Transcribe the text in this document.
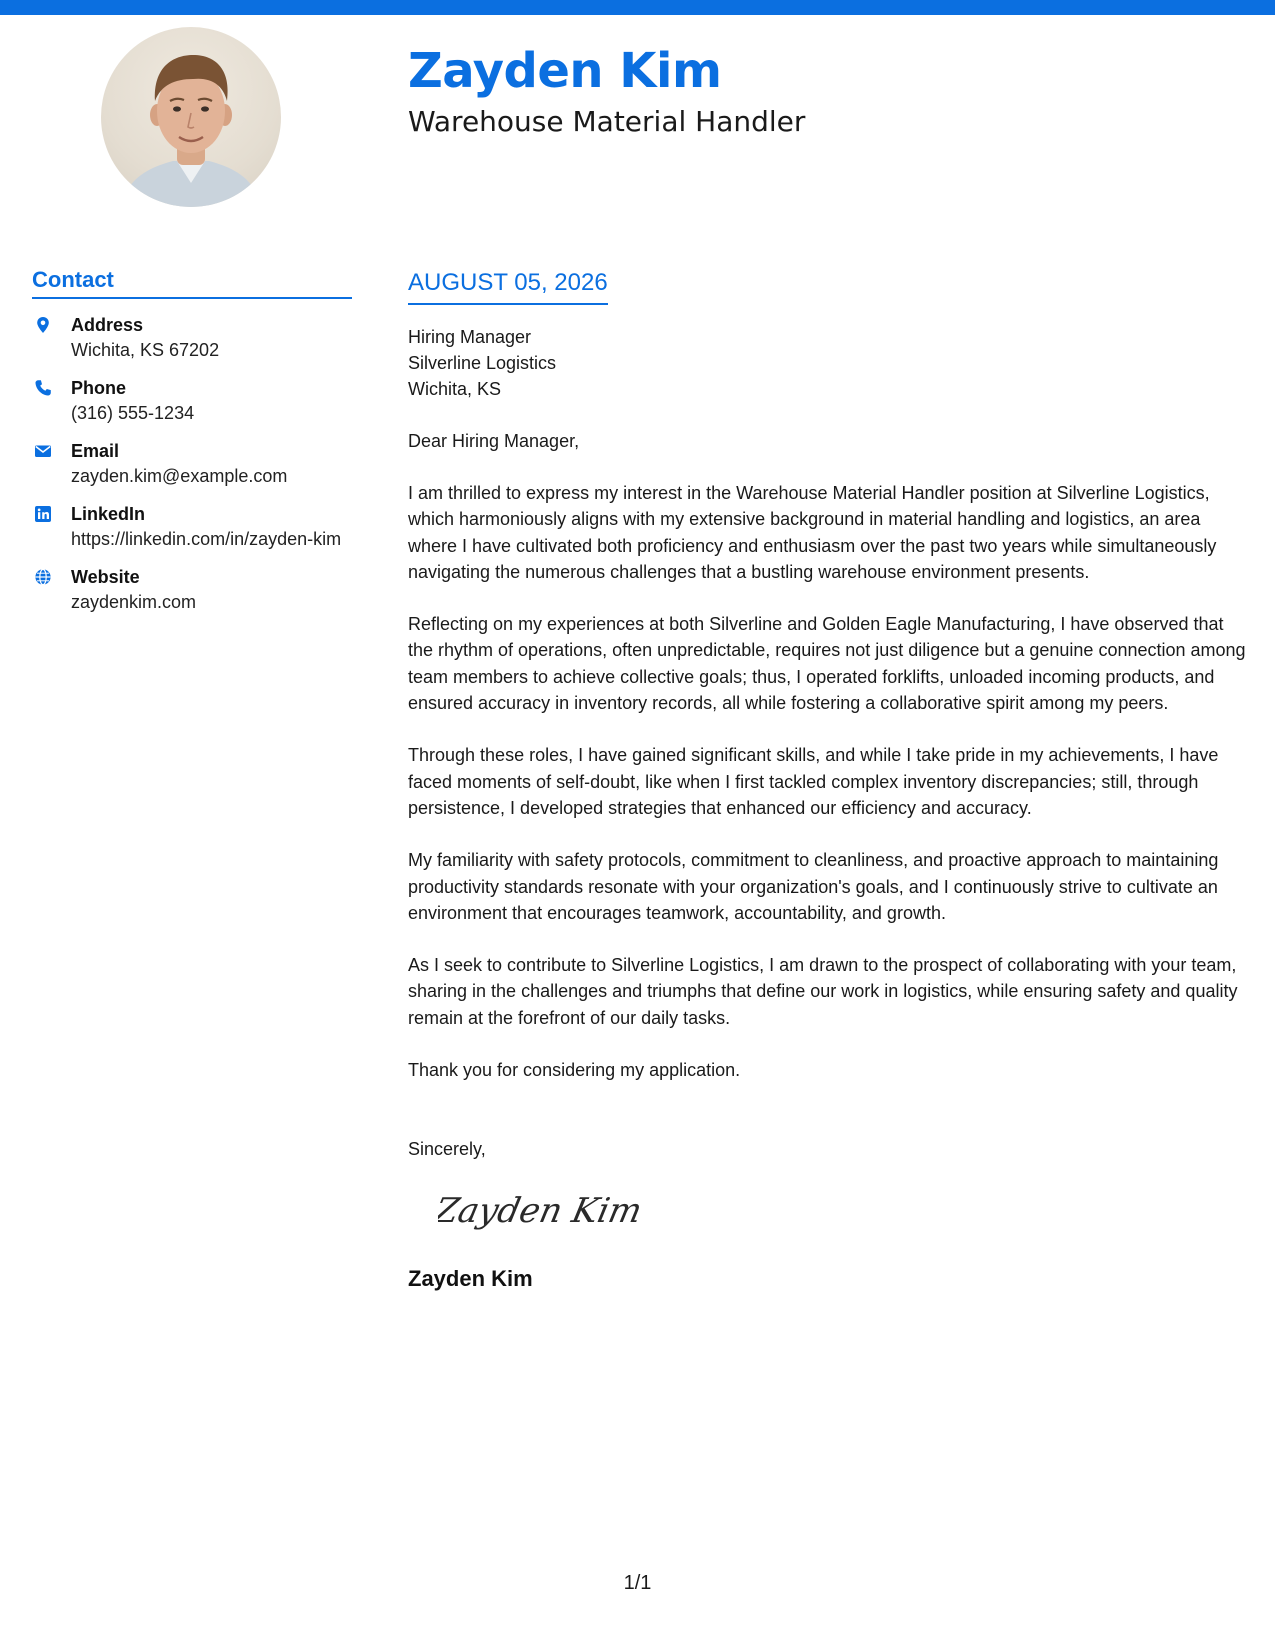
Zayden Kim
Warehouse Material Handler
Contact
Address
Wichita, KS 67202
Phone
(316) 555-1234
Email
zayden.kim@example.com
LinkedIn
https://linkedin.com/in/zayden-kim
Website
zaydenkim.com
AUGUST 05, 2026
Hiring Manager
Silverline Logistics
Wichita, KS

Dear Hiring Manager,

I am thrilled to express my interest in the Warehouse Material Handler position at Silverline Logistics, which harmoniously aligns with my extensive background in material handling and logistics, an area where I have cultivated both proficiency and enthusiasm over the past two years while simultaneously navigating the numerous challenges that a bustling warehouse environment presents.

Reflecting on my experiences at both Silverline and Golden Eagle Manufacturing, I have observed that the rhythm of operations, often unpredictable, requires not just diligence but a genuine connection among team members to achieve collective goals; thus, I operated forklifts, unloaded incoming products, and ensured accuracy in inventory records, all while fostering a collaborative spirit among my peers.

Through these roles, I have gained significant skills, and while I take pride in my achievements, I have faced moments of self-doubt, like when I first tackled complex inventory discrepancies; still, through persistence, I developed strategies that enhanced our efficiency and accuracy.

My familiarity with safety protocols, commitment to cleanliness, and proactive approach to maintaining productivity standards resonate with your organization's goals, and I continuously strive to cultivate an environment that encourages teamwork, accountability, and growth.

As I seek to contribute to Silverline Logistics, I am drawn to the prospect of collaborating with your team, sharing in the challenges and triumphs that define our work in logistics, while ensuring safety and quality remain at the forefront of our daily tasks.

Thank you for considering my application.

Sincerely,

Zayden Kim

Zayden Kim

1/1
